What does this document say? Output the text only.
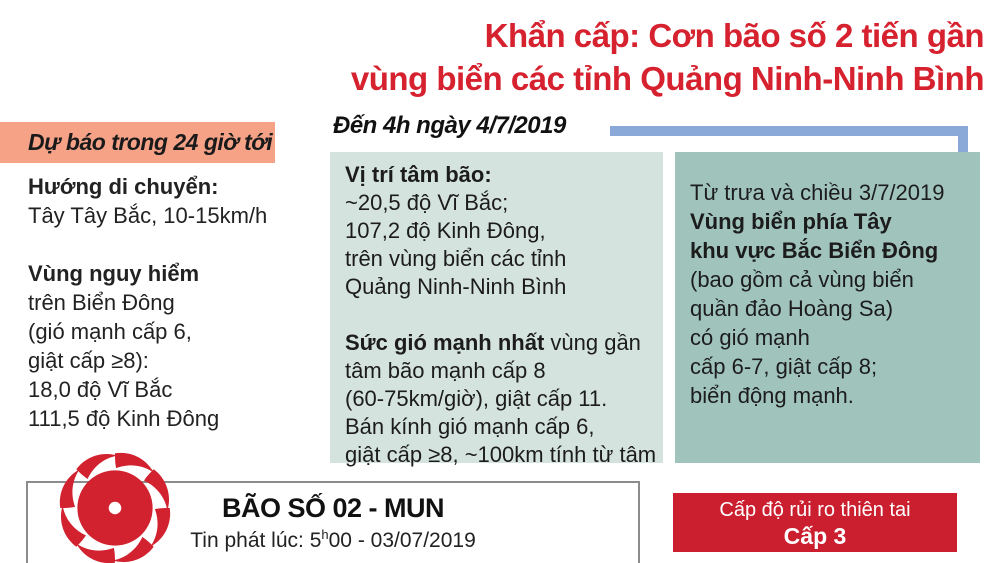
Khẩn cấp: Cơn bão số 2 tiến gần
vùng biển các tỉnh Quảng Ninh-Ninh Bình
Dự báo trong 24 giờ tới
Hướng di chuyển:
Tây Tây Bắc, 10-15km/h
Vùng nguy hiểm
trên Biển Đông
(gió mạnh cấp 6,
giật cấp ≥8):
18,0 độ Vĩ Bắc
111,5 độ Kinh Đông
Đến 4h ngày 4/7/2019
Vị trí tâm bão:
~20,5 độ Vĩ Bắc;
107,2 độ Kinh Đông,
trên vùng biển các tỉnh
Quảng Ninh-Ninh Bình
Sức gió mạnh nhất vùng gần
tâm bão mạnh cấp 8
(60-75km/giờ), giật cấp 11.
Bán kính gió mạnh cấp 6,
giật cấp ≥8, ~100km tính từ tâm
Từ trưa và chiều 3/7/2019
Vùng biển phía Tây
khu vực Bắc Biển Đông
(bao gồm cả vùng biển
quần đảo Hoàng Sa)
có gió mạnh
cấp 6-7, giật cấp 8;
biển động mạnh.
BÃO SỐ 02 - MUN
Tin phát lúc: 5$^h$00 - 03/07/2019
Cấp độ rủi ro thiên tai
Cấp 3
